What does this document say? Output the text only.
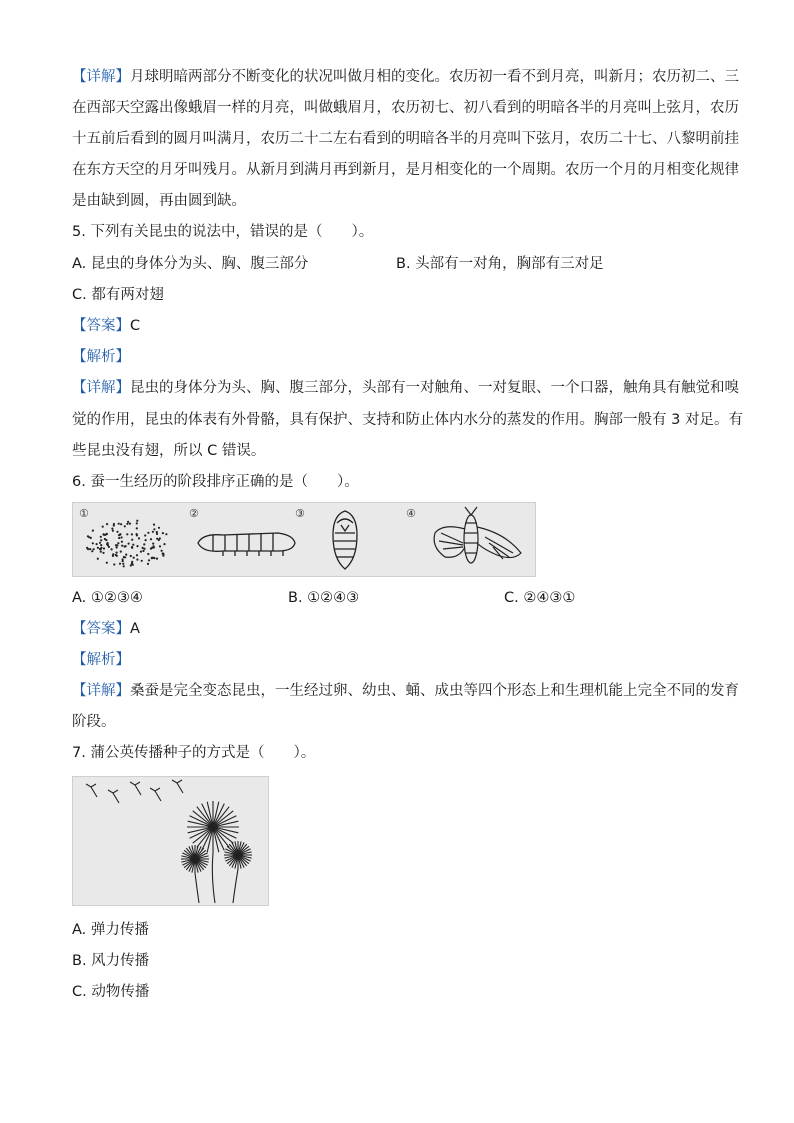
【详解】月球明暗两部分不断变化的状况叫做月相的变化。农历初一看不到月亮，叫新月；农历初二、三
在西部天空露出像蛾眉一样的月亮，叫做蛾眉月，农历初七、初八看到的明暗各半的月亮叫上弦月，农历
十五前后看到的圆月叫满月，农历二十二左右看到的明暗各半的月亮叫下弦月，农历二十七、八黎明前挂
在东方天空的月牙叫残月。从新月到满月再到新月，是月相变化的一个周期。农历一个月的月相变化规律
是由缺到圆，再由圆到缺。
5. 下列有关昆虫的说法中，错误的是（　　）。
A. 昆虫的身体分为头、胸、腹三部分	B. 头部有一对角，胸部有三对足
C. 都有两对翅
【答案】C
【解析】
【详解】昆虫的身体分为头、胸、腹三部分，头部有一对触角、一对复眼、一个口器，触角具有触觉和嗅
觉的作用，昆虫的体表有外骨骼，具有保护、支持和防止体内水分的蒸发的作用。胸部一般有 3 对足。有
些昆虫没有翅，所以 C 错误。
6. 蚕一生经历的阶段排序正确的是（　　）。
①	②	③	④
A. ①②③④	B. ①②④③	C. ②④③①
【答案】A
【解析】
【详解】桑蚕是完全变态昆虫，一生经过卵、幼虫、蛹、成虫等四个形态上和生理机能上完全不同的发育
阶段。
7. 蒲公英传播种子的方式是（　　）。
A. 弹力传播
B. 风力传播
C. 动物传播
